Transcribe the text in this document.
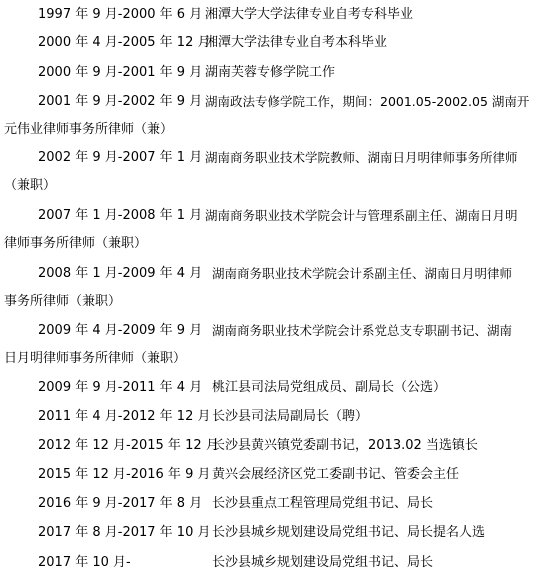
1997 年 9 月-2000 年 6 月 湘潭大学大学法律专业自考专科毕业
2000 年 4 月-2005 年 12 月
湘潭大学法律专业自考本科毕业
2000 年 9 月-2001 年 9 月 湖南芙蓉专修学院工作
2001 年 9 月-2002 年 9 月 湖南政法专修学院工作，期间：2001.05-2002.05 湖南开
元伟业律师事务所律师（兼）
2002 年 9 月-2007 年 1 月 湖南商务职业技术学院教师、湖南日月明律师事务所律师
（兼职）
2007 年 1 月-2008 年 1 月 湖南商务职业技术学院会计与管理系副主任、湖南日月明
律师事务所律师（兼职）
2008 年 1 月-2009 年 4 月 湖南商务职业技术学院会计系副主任、湖南日月明律师
事务所律师（兼职）
2009 年 4 月-2009 年 9 月 湖南商务职业技术学院会计系党总支专职副书记、湖南
日月明律师事务所律师（兼职）
2009 年 9 月-2011 年 4 月 桃江县司法局党组成员、副局长（公选）
2011 年 4 月-2012 年 12 月 长沙县司法局副局长（聘）
2012 年 12 月-2015 年 12 月
长沙县黄兴镇党委副书记，2013.02 当选镇长
2015 年 12 月-2016 年 9 月 黄兴会展经济区党工委副书记、管委会主任
2016 年 9 月-2017 年 8 月 长沙县重点工程管理局党组书记、局长
2017 年 8 月-2017 年 10 月 长沙县城乡规划建设局党组书记、局长提名人选
2017 年 10 月-	长沙县城乡规划建设局党组书记、局长
